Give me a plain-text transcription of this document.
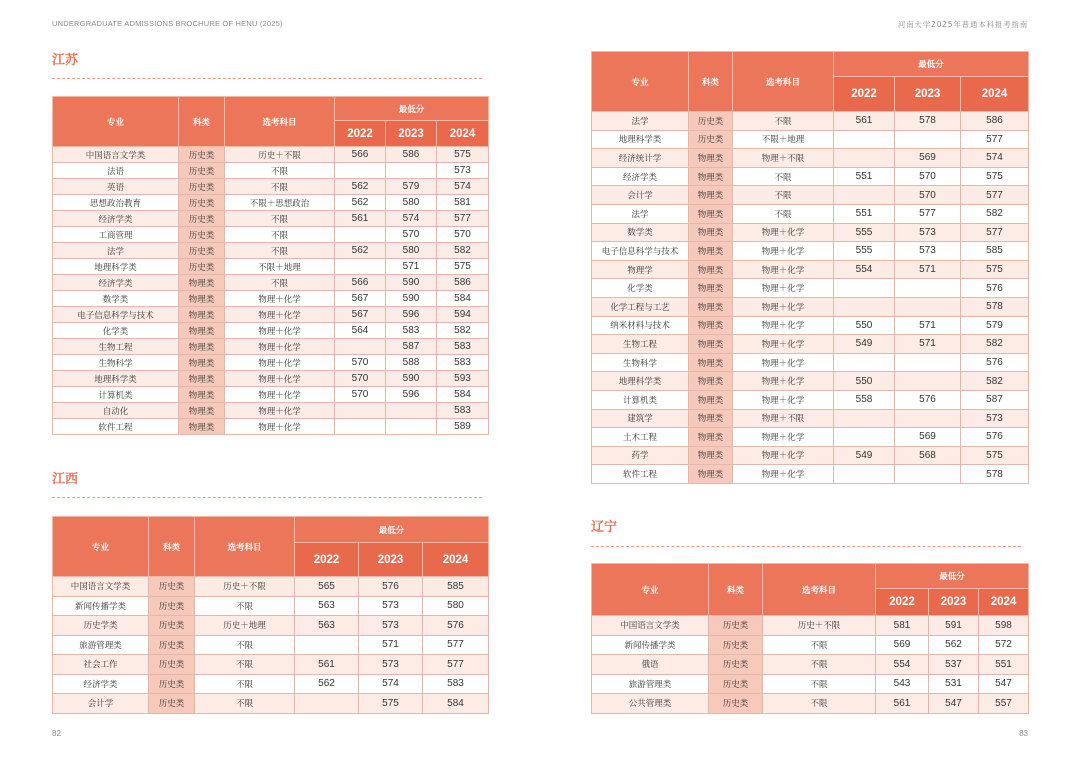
UNDERGRADUATE ADMISSIONS BROCHURE OF HENU (2025)	河南大学2025年普通本科报考指南
江苏
专业	科类	选考科目	最低分		
			2022	2023	2024
中国语言文学类	历史类	历史＋不限	566	586	575
法语	历史类	不限			573
英语	历史类	不限	562	579	574
思想政治教育	历史类	不限＋思想政治	562	580	581
经济学类	历史类	不限	561	574	577
工商管理	历史类	不限		570	570
法学	历史类	不限	562	580	582
地理科学类	历史类	不限＋地理		571	575
经济学类	物理类	不限	566	590	586
数学类	物理类	物理＋化学	567	590	584
电子信息科学与技术	物理类	物理＋化学	567	596	594
化学类	物理类	物理＋化学	564	583	582
生物工程	物理类	物理＋化学		587	583
生物科学	物理类	物理＋化学	570	588	583
地理科学类	物理类	物理＋化学	570	590	593
计算机类	物理类	物理＋化学	570	596	584
自动化	物理类	物理＋化学			583
软件工程	物理类	物理＋化学			589
江西
专业	科类	选考科目	最低分		
			2022	2023	2024
中国语言文学类	历史类	历史＋不限	565	576	585
新闻传播学类	历史类	不限	563	573	580
历史学类	历史类	历史＋地理	563	573	576
旅游管理类	历史类	不限		571	577
社会工作	历史类	不限	561	573	577
经济学类	历史类	不限	562	574	583
会计学	历史类	不限		575	584
82
专业	科类	选考科目	最低分		
			2022	2023	2024
法学	历史类	不限	561	578	586
地理科学类	历史类	不限＋地理			577
经济统计学	物理类	物理＋不限		569	574
经济学类	物理类	不限	551	570	575
会计学	物理类	不限		570	577
法学	物理类	不限	551	577	582
数学类	物理类	物理＋化学	555	573	577
电子信息科学与技术	物理类	物理＋化学	555	573	585
物理学	物理类	物理＋化学	554	571	575
化学类	物理类	物理＋化学			576
化学工程与工艺	物理类	物理＋化学			578
纳米材料与技术	物理类	物理＋化学	550	571	579
生物工程	物理类	物理＋化学	549	571	582
生物科学	物理类	物理＋化学			576
地理科学类	物理类	物理＋化学	550		582
计算机类	物理类	物理＋化学	558	576	587
建筑学	物理类	物理＋不限			573
土木工程	物理类	物理＋化学		569	576
药学	物理类	物理＋化学	549	568	575
软件工程	物理类	物理＋化学			578
辽宁
专业	科类	选考科目	最低分		
			2022	2023	2024
中国语言文学类	历史类	历史＋不限	581	591	598
新闻传播学类	历史类	不限	569	562	572
俄语	历史类	不限	554	537	551
旅游管理类	历史类	不限	543	531	547
公共管理类	历史类	不限	561	547	557
83
